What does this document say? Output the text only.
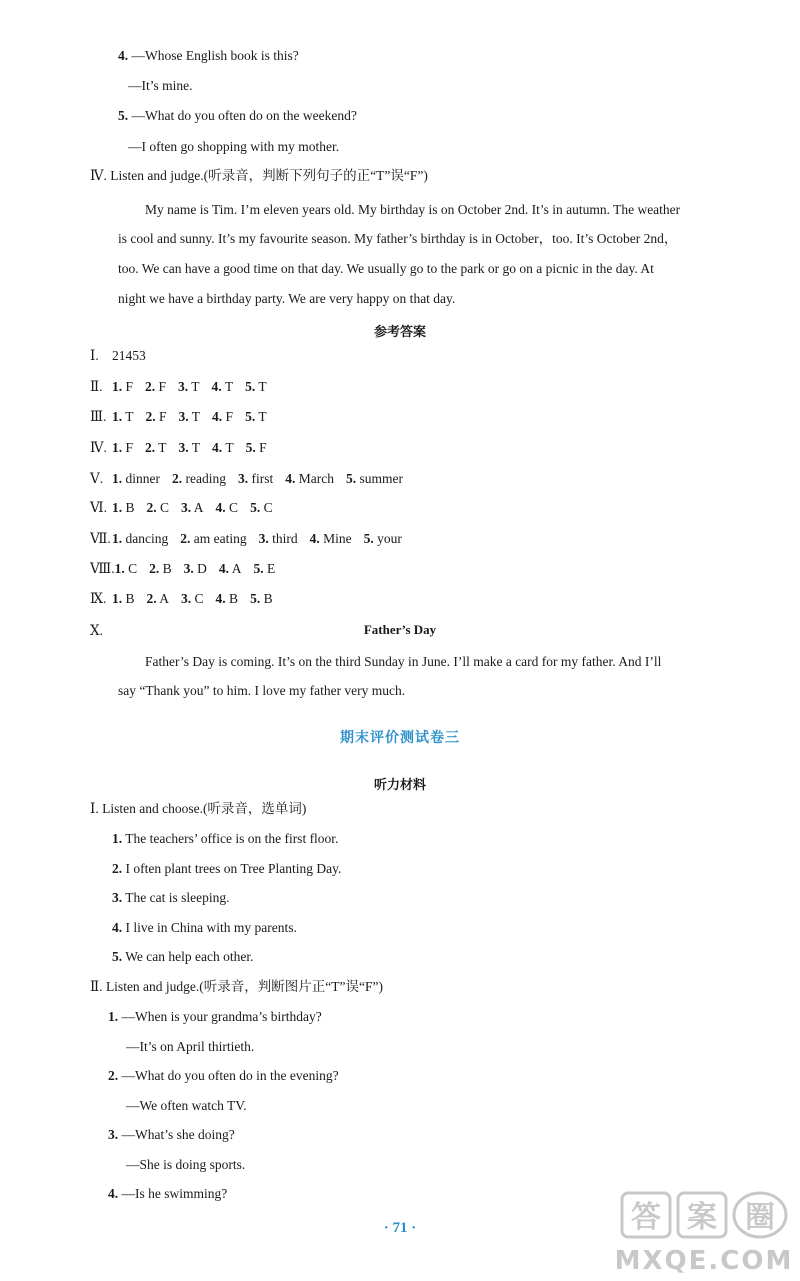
4. —Whose English book is this?
—It’s mine.
5. —What do you often do on the weekend?
—I often go shopping with my mother.
Ⅳ. Listen and judge.(听录音，判断下列句子的正“T”误“F”)
My name is Tim. I’m eleven years old. My birthday is on October 2nd. It’s in autumn. The weather
is cool and sunny. It’s my favourite season. My father’s birthday is in October，too. It’s October 2nd，
too. We can have a good time on that day. We usually go to the park or go on a picnic in the day. At
night we have a birthday party. We are very happy on that day.
参考答案
Ⅰ. 21453
Ⅱ. 1. F 2. F 3. T 4. T 5. T
Ⅲ. 1. T 2. F 3. T 4. F 5. T
Ⅳ. 1. F 2. T 3. T 4. T 5. F
Ⅴ. 1. dinner 2. reading 3. first 4. March 5. summer
Ⅵ. 1. B 2. C 3. A 4. C 5. C
Ⅶ.1. dancing 2. am eating 3. third 4. Mine 5. your
Ⅷ.1. C 2. B 3. D 4. A 5. E
Ⅸ. 1. B 2. A 3. C 4. B 5. B
Ⅹ.	Father’s Day
Father’s Day is coming. It’s on the third Sunday in June. I’ll make a card for my father. And I’ll
say “Thank you” to him. I love my father very much.
期末评价测试卷三
听力材料
Ⅰ. Listen and choose.(听录音，选单词)
1. The teachers’ office is on the first floor.
2. I often plant trees on Tree Planting Day.
3. The cat is sleeping.
4. I live in China with my parents.
5. We can help each other.
Ⅱ. Listen and judge.(听录音，判断图片正“T”误“F”)
1. —When is your grandma’s birthday?
—It’s on April thirtieth.
2. —What do you often do in the evening?
—We often watch TV.
3. —What’s she doing?
—She is doing sports.
4. —Is he swimming?
· 71 ·	答 案 圈
MXQE.COM
